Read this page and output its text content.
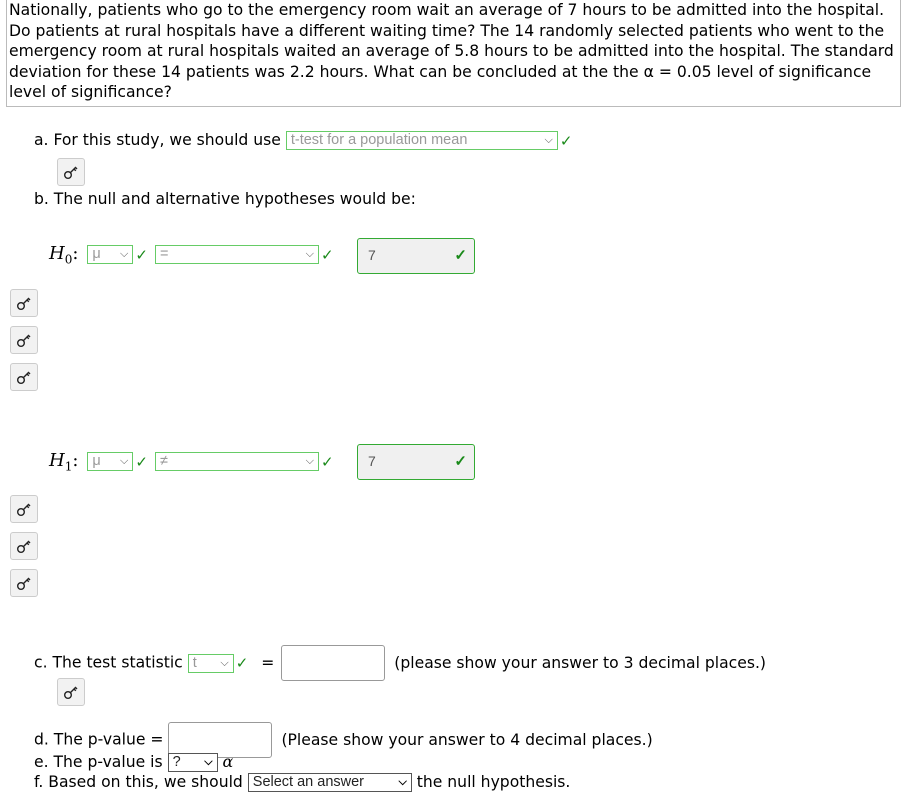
Nationally, patients who go to the emergency room wait an average of 7 hours to be admitted into the hospital. Do patients at rural hospitals have a different waiting time? The 14 randomly selected patients who went to the emergency room at rural hospitals waited an average of 5.8 hours to be admitted into the hospital. The standard deviation for these 14 patients was 2.2 hours. What can be concluded at the the α = 0.05 level of significance level of significance?
a. For this study, we should use t-test for a population mean	⌵ ✓
b. The null and alternative hypotheses would be:
$H_0$: μ ⌵ ✓ =	⌵ ✓	7	✓
$H_1$: μ ⌵ ✓ ≠	⌵ ✓	7	✓
c. The test statistic t ⌵ ✓ =	(please show your answer to 3 decimal places.)
d. The p-value =	(Please show your answer to 4 decimal places.)
e. The p-value is ? ⌵ α
f. Based on this, we should Select an answer	⌵ the null hypothesis.
